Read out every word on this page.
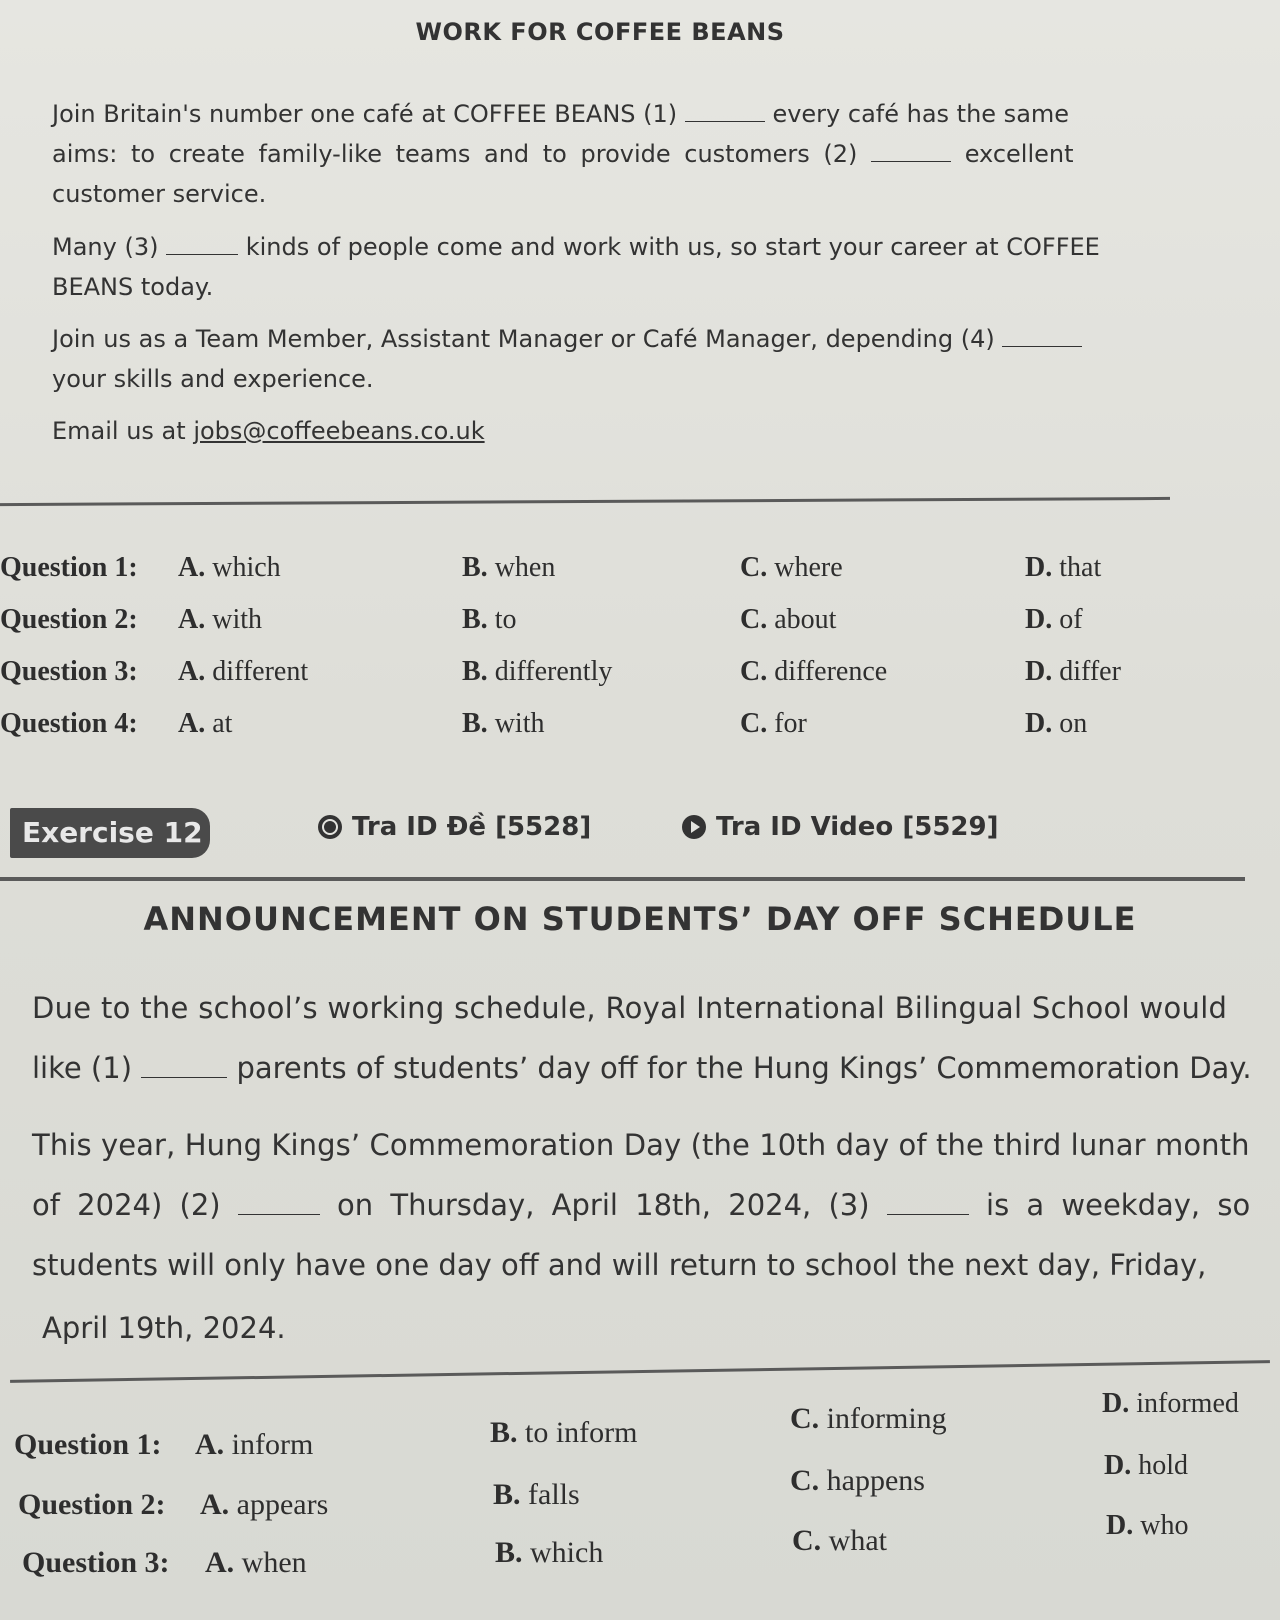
WORK FOR COFFEE BEANS
Join Britain's number one café at COFFEE BEANS (1)	every café has the same
aims: to create family-like teams and to provide customers (2)	excellent
customer service.
Many (3)	kinds of people come and work with us, so start your career at COFFEE
BEANS today.
Join us as a Team Member, Assistant Manager or Café Manager, depending (4)
your skills and experience.
Email us at jobs@coffeebeans.co.uk
Question 1: A. which	B. when	C. where	D. that
Question 2: A. with	B. to	C. about	D. of
Question 3: A. different	B. differently	C. difference	D. differ
Question 4: A. at	B. with	C. for	D. on
Exercise 12	Tra ID Đề [5528]	Tra ID Video [5529]
ANNOUNCEMENT ON STUDENTS’ DAY OFF SCHEDULE
Due to the school’s working schedule, Royal International Bilingual School would
like (1)	parents of students’ day off for the Hung Kings’ Commemoration Day.
This year, Hung Kings’ Commemoration Day (the 10th day of the third lunar month
of 2024) (2)	on Thursday, April 18th, 2024, (3)	is a weekday, so
students will only have one day off and will return to school the next day, Friday,
April 19th, 2024.
Question 1: A. inform	B. to inform	C. informing	D. informed
Question 2: A. appears	B. falls	C. happens	D. hold
Question 3: A. when	B. which	C. what	D. who
